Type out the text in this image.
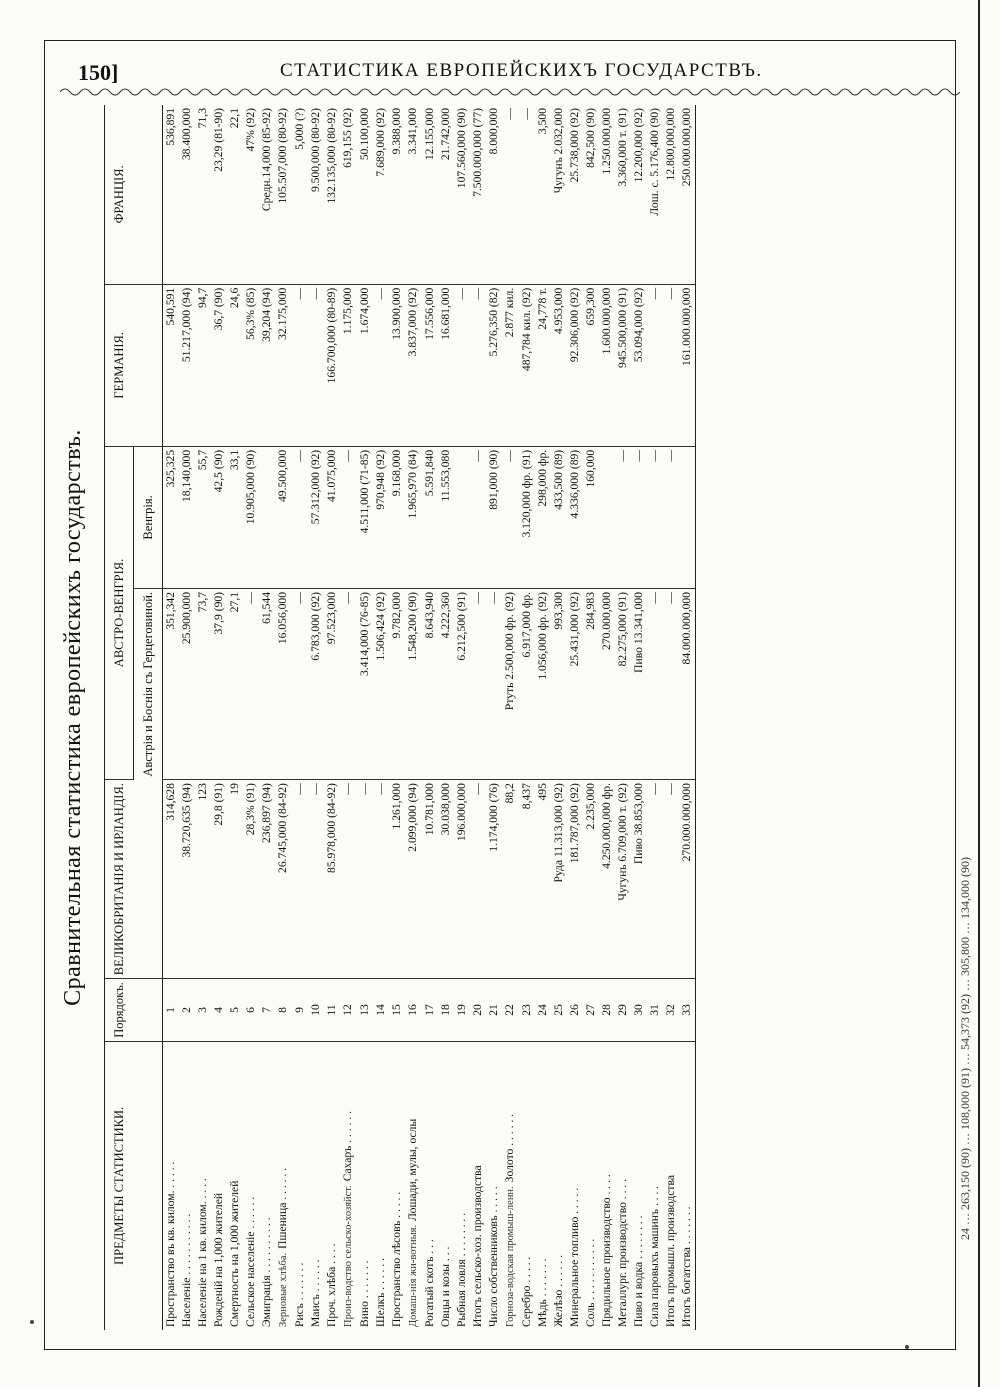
150]	СТАТИСТИКА ЕВРОПЕЙСКИХЪ ГОСУДАРСТВЪ.
24 … 263,150 (90) … 108,000 (91) … 54,373 (92) … 305,800 … 134,000 (90)
Сравнительная статистика европейскихъ государствъ.
ПРЕДМЕТЫ СТАТИСТИКИ.	Порядокъ.	ВЕЛИКОБРИТАНІЯ И ИРЛАНДІЯ.	АВСТРО-ВЕНГРІЯ.		ГЕРМАНІЯ.	ФРАНЦІЯ.
			Австрія и Боснія съ Герцеговиной.	Венгрія.		
Пространство въ кв. килом. . . . . .	1	314,628	351,342	325,325	540,591	536,891
Населеніе . . . . . . . . . . .	2	38.720,635 (94)	25.900,000	18,140,000	51.217,000 (94)	38.400,000
Населеніе на 1 кв. килом. . . . .	3	123	73,7	55,7	94,7	71,3
Рожденій на 1,000 жителей	4	29,8 (91)	37,9 (90)	42,5 (90)	36,7 (90)	23,29 (81-90)
Смертность на 1,000 жителей	5	19	27,1	33,1	24,6	22,1
Сельское населеніе . . . . . .	6	28,3% (91)	—	10.905,000 (90)	56,3% (85)	47% (92)
Эмиграція . . . . . . . . . .	7	236,897 (94)	61,544		39,204 (94)	Средн.14,000 (85-92)
Зерновые хлѣба.Пшеница . . . . . .	8	26.745,000 (84-92)	16.056,000	49.500,000	32.175,000	105.507,000 (80-92)
Рисъ . . . . . . .	9	—	—	—	—	5,000 (?)
Маисъ . . . . . .	10	—	6.783,000 (92)	57.312,000 (92)	—	9.500,000 (80-92)
Проч. хлѣба . . . .	11	85.978,000 (84-92)	97.523,000	41.075,000	166.700,000 (80-89)	132.135,000 (80-92)
Произ-водство сельско-хозяйст.Сахаръ . . . . . .	12	—	—	—	1.175,000	619,155 (92)
Вино . . . . . . .	13	—	3.414,000 (76-85)	4.511,000 (71-85)	1.674,000	50.100,000
Шелкъ . . . . . .	14	—	1.506,424 (92)	970,948 (92)	—	7.689,000 (92)
Пространство лѣсовъ . . . . .	15	1.261,000	9.782,000	9.168,000	13.900,000	9.388,000
Домаш-нія жи-вотныя.Лошади, мулы, ослы	16	2.099,000 (94)	1.548,200 (90)	1.965,970 (84)	3.837,000 (92)	3.341,000
Рогатый скотъ . . .	17	10.781,000	8.643,940	5.591,840	17.556,000	12.155,000
Овцы и козы . . .	18	30.038,000	4.222,360	11.553,080	16.681,000	21.742,000
Рыбная ловля . . . . . . . .	19	196.000,000	6.212,500 (91)		—	107.560,000 (90)
Итогъ сельско-хоз. производства	20	—	—	—	—	7.500.000,000 (77)
Число собственниковъ . . . . .	21	1.174,000 (76)	—	891,000 (90)	5.276,350 (82)	8.000,000
Горноза-водская промыш-ленн.Золото . . . . . .	22	88,2	Ртуть 2.500,000 фр. (92)	—	2.877 кил.	—
Серебро . . . . .	23	8,437	6.917,000 фр.	3.120,000 фр. (91)	487,784 кил. (92)	—
Мѣдь . . . . . . .	24	495	1.056,000 фр. (92)	298,000 фр.	24,778 т.	3,500
Желѣзо . . . . . .	25	Руда 11.313,000 (92)	993,300	433,500 (89)	4.953,000	Чугунъ 2.032,000
Минеральное топливо . . . . .	26	181.787,000 (92)	25.431,000 (92)	4.336,000 (89)	92.306,000 (92)	25.738,000 (92)
Соль . . . . . . . . . . .	27	2.235,000	284,983	160,000	659,300	842,500 (90)
Прядильное производство . . . .	28	4.250.000,000 фр.	270.000,000		1.600.000,000	1.250.000,000
Металлург. производство . . . .	29	Чугунъ 6.709,000 т. (92)	82.275,000 (91)	—	945.500,000 (91)	3.360,000 т. (91)
Пиво и водка . . . . . . . .	30	Пиво 38.853,000	Пиво 13.341,000	—	53.094,000 (92)	12.200,000 (92)
Сила паровыхъ машинъ . . . .	31	—	—	—	—	Лош. с. 5.176,400 (90)
Итогъ промышл. производства	32	—	—	—	—	12.800,000,000
Итогъ богатства . . . . . . .	33	270.000.000,000	84.000.000,000		161.000.000,000	250.000.000,000
